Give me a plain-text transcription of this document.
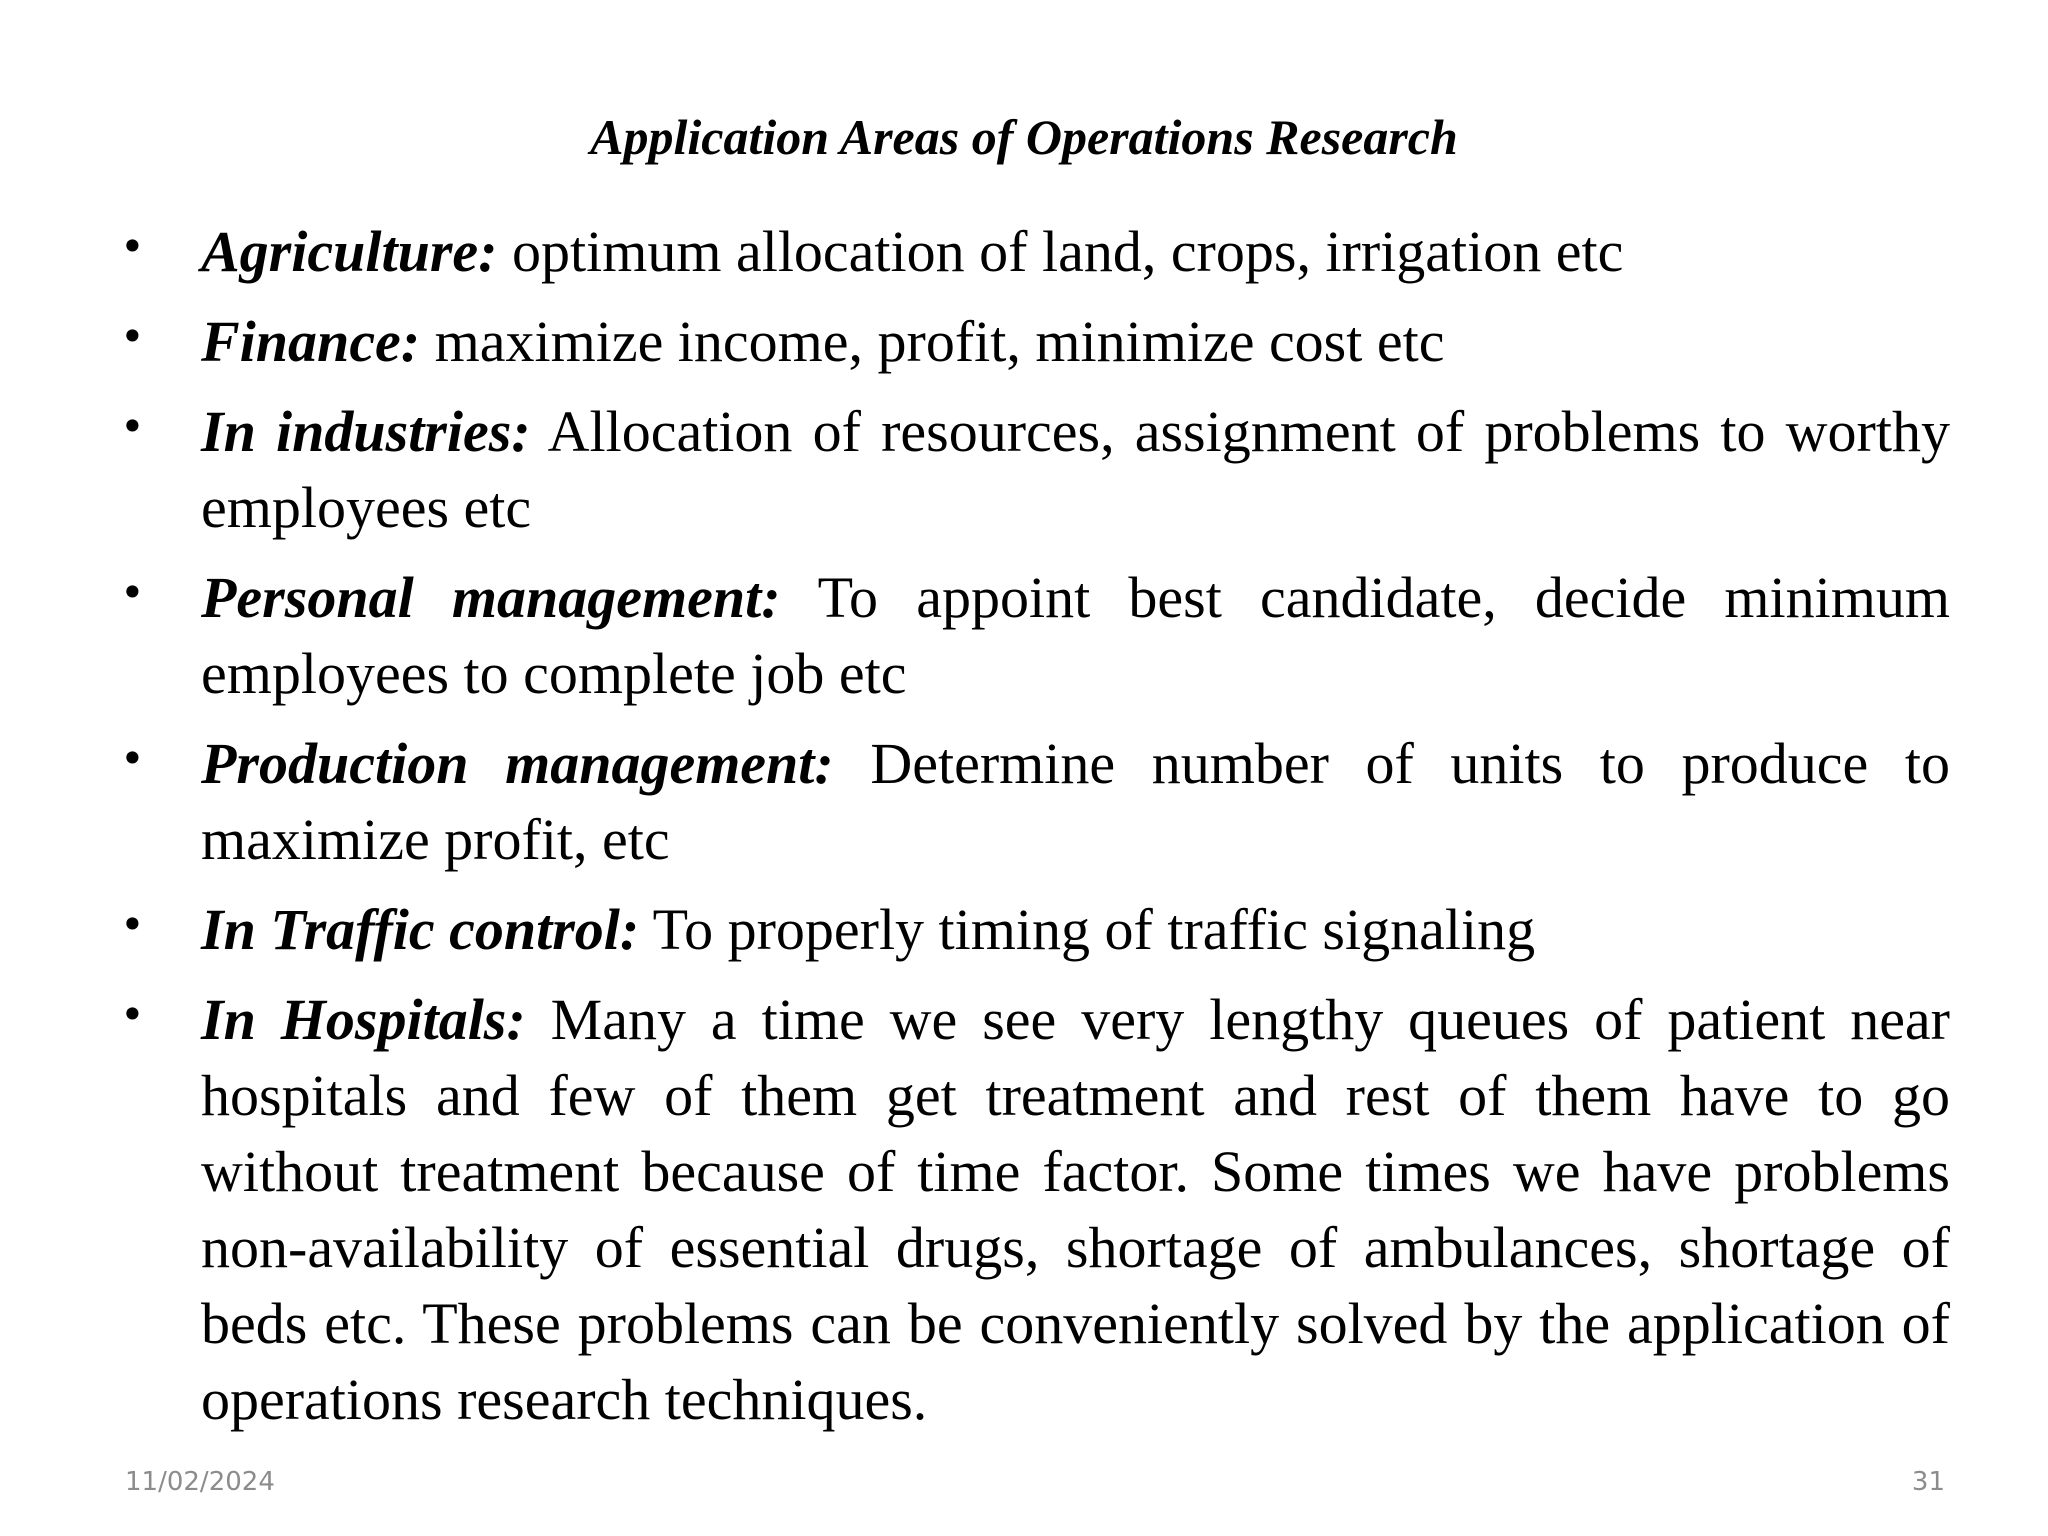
Application Areas of Operations Research
• Agriculture: optimum allocation of land, crops, irrigation etc
• Finance: maximize income, profit, minimize cost etc
• In industries: Allocation of resources, assignment of problems to worthy employees etc
• Personal management: To appoint best candidate, decide minimum employees to complete job etc
• Production management: Determine number of units to produce to maximize profit, etc
• In Traffic control: To properly timing of traffic signaling
• In Hospitals: Many a time we see very lengthy queues of patient near hospitals and few of them get treatment and rest of them have to go without treatment because of time factor. Some times we have problems non-availability of essential drugs, shortage of ambulances, shortage of beds etc. These problems can be conveniently solved by the application of operations research techniques.
11/02/2024	31
